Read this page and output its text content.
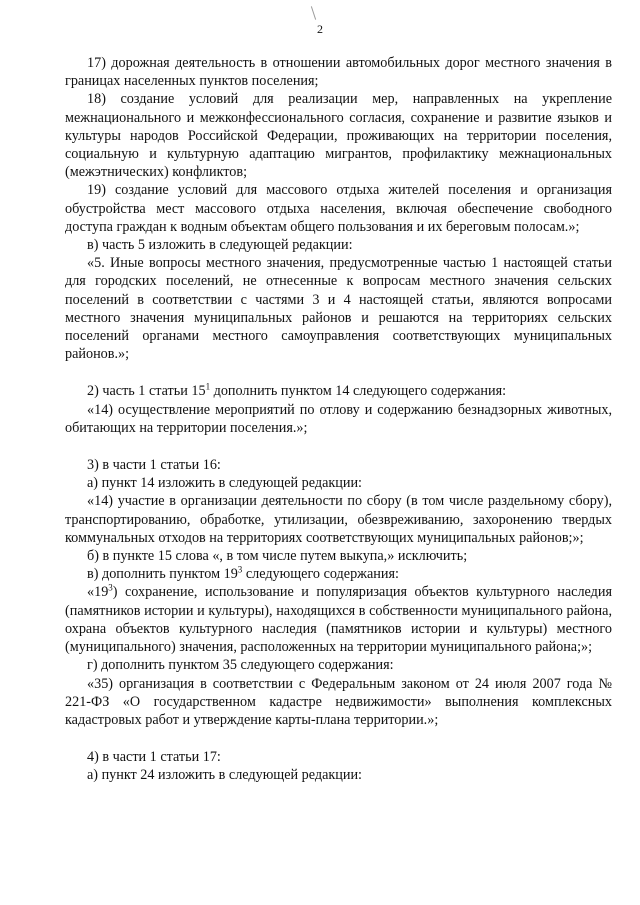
2

17) дорожная деятельность в отношении автомобильных дорог местного значения в границах населенных пунктов поселения;

18) создание условий для реализации мер, направленных на укрепление межнационального и межконфессионального согласия, сохранение и развитие языков и культуры народов Российской Федерации, проживающих на территории поселения, социальную и культурную адаптацию мигрантов, профилактику межнациональных (межэтнических) конфликтов;

19) создание условий для массового отдыха жителей поселения и организация обустройства мест массового отдыха населения, включая обеспечение свободного доступа граждан к водным объектам общего пользования и их береговым полосам.»;

в) часть 5 изложить в следующей редакции:

«5. Иные вопросы местного значения, предусмотренные частью 1 настоящей статьи для городских поселений, не отнесенные к вопросам местного значения сельских поселений в соответствии с частями 3 и 4 настоящей статьи, являются вопросами местного значения муниципальных районов и решаются на территориях сельских поселений органами местного самоуправления соответствующих муниципальных районов.»;

2) часть 1 статьи $15^1$ дополнить пунктом 14 следующего содержания:

«14) осуществление мероприятий по отлову и содержанию безнадзорных животных, обитающих на территории поселения.»;

3) в части 1 статьи 16:

а) пункт 14 изложить в следующей редакции:

«14) участие в организации деятельности по сбору (в том числе раздельному сбору), транспортированию, обработке, утилизации, обезвреживанию, захоронению твердых коммунальных отходов на территориях соответствующих муниципальных районов;»;

б) в пункте 15 слова «, в том числе путем выкупа,» исключить;

в) дополнить пунктом $19^3$ следующего содержания:

«$19^3$) сохранение, использование и популяризация объектов культурного наследия (памятников истории и культуры), находящихся в собственности муниципального района, охрана объектов культурного наследия (памятников истории и культуры) местного (муниципального) значения, расположенных на территории муниципального района;»;

г) дополнить пунктом 35 следующего содержания:

«35) организация в соответствии с Федеральным законом от 24 июля 2007 года № 221-ФЗ «О государственном кадастре недвижимости» выполнения комплексных кадастровых работ и утверждение карты-плана территории.»;

4) в части 1 статьи 17:

а) пункт 24 изложить в следующей редакции:
